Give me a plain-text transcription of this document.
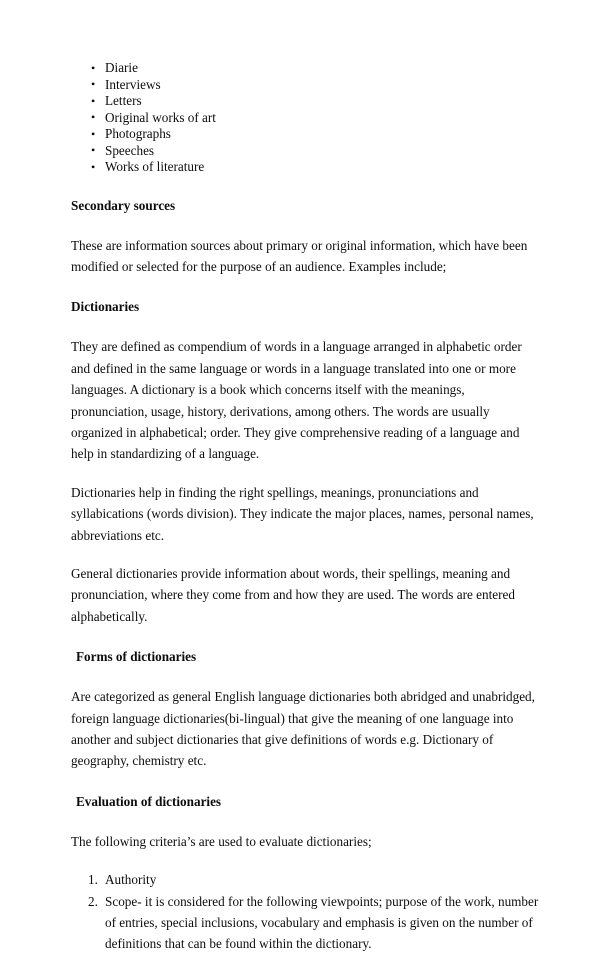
• Diarie
• Interviews
• Letters
• Original works of art
• Photographs
• Speeches
• Works of literature
Secondary sources
These are information sources about primary or original information, which have been modified or selected for the purpose of an audience. Examples include;
Dictionaries
They are defined as compendium of words in a language arranged in alphabetic order and defined in the same language or words in a language translated into one or more languages. A dictionary is a book which concerns itself with the meanings, pronunciation, usage, history, derivations, among others. The words are usually organized in alphabetical; order. They give comprehensive reading of a language and help in standardizing of a language.
Dictionaries help in finding the right spellings, meanings, pronunciations and syllabications (words division). They indicate the major places, names, personal names, abbreviations etc.
General dictionaries provide information about words, their spellings, meaning and pronunciation, where they come from and how they are used. The words are entered alphabetically.
Forms of dictionaries
Are categorized as general English language dictionaries both abridged and unabridged, foreign language dictionaries(bi-lingual) that give the meaning of one language into another and subject dictionaries that give definitions of words e.g. Dictionary of geography, chemistry etc.
Evaluation of dictionaries
The following criteria’s are used to evaluate dictionaries;
1. Authority
2. Scope- it is considered for the following viewpoints; purpose of the work, number of entries, special inclusions, vocabulary and emphasis is given on the number of definitions that can be found within the dictionary.
